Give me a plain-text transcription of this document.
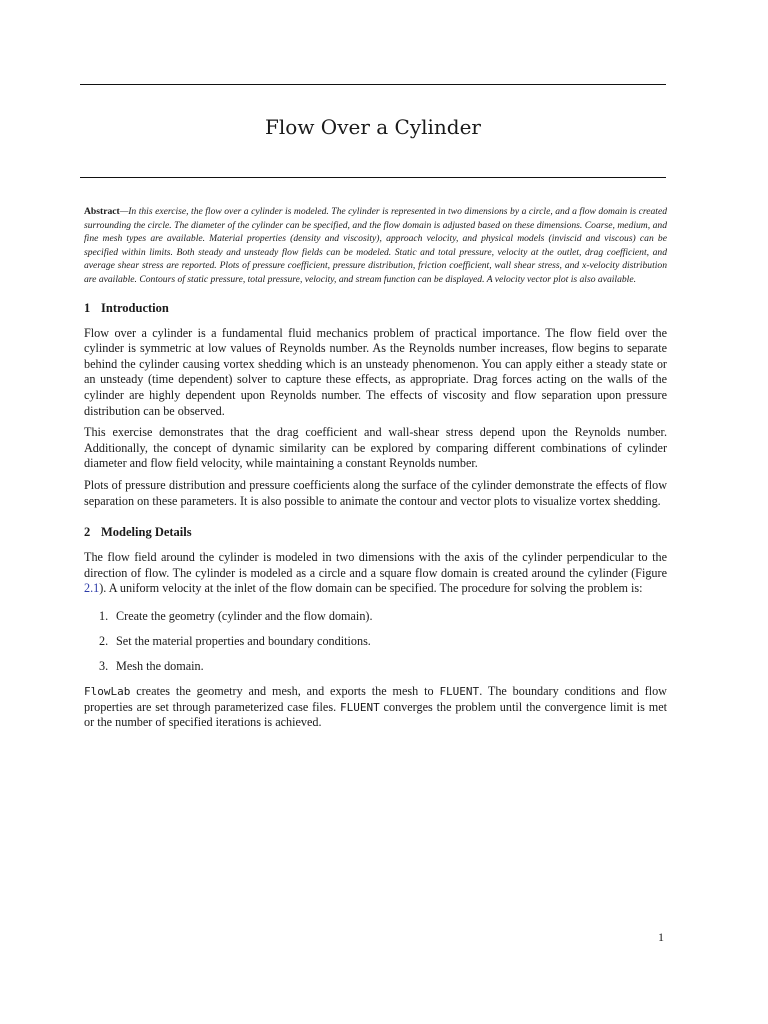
Flow Over a Cylinder

Abstract—In this exercise, the flow over a cylinder is modeled. The cylinder is represented in two dimensions by a circle, and a flow domain is created surrounding the circle. The diameter of the cylinder can be specified, and the flow domain is adjusted based on these dimensions. Coarse, medium, and fine mesh types are available. Material properties (density and viscosity), approach velocity, and physical models (inviscid and viscous) can be specified within limits. Both steady and unsteady flow fields can be modeled. Static and total pressure, velocity at the outlet, drag coefficient, and average shear stress are reported. Plots of pressure coefficient, pressure distribution, friction coefficient, wall shear stress, and x-velocity distribution are available. Contours of static pressure, total pressure, velocity, and stream function can be displayed. A velocity vector plot is also available.

1 Introduction

Flow over a cylinder is a fundamental fluid mechanics problem of practical importance. The flow field over the cylinder is symmetric at low values of Reynolds number. As the Reynolds number increases, flow begins to separate behind the cylinder causing vortex shedding which is an unsteady phenomenon. You can apply either a steady state or an unsteady (time dependent) solver to capture these effects, as appropriate. Drag forces acting on the walls of the cylinder are highly dependent upon Reynolds number. The effects of viscosity and flow separation upon pressure distribution can be observed.

This exercise demonstrates that the drag coefficient and wall-shear stress depend upon the Reynolds number. Additionally, the concept of dynamic similarity can be explored by comparing different combinations of cylinder diameter and flow field velocity, while maintaining a constant Reynolds number.

Plots of pressure distribution and pressure coefficients along the surface of the cylinder demonstrate the effects of flow separation on these parameters. It is also possible to animate the contour and vector plots to visualize vortex shedding.

2 Modeling Details

The flow field around the cylinder is modeled in two dimensions with the axis of the cylinder perpendicular to the direction of flow. The cylinder is modeled as a circle and a square flow domain is created around the cylinder (Figure 2.1). A uniform velocity at the inlet of the flow domain can be specified. The procedure for solving the problem is:

1. Create the geometry (cylinder and the flow domain).
2. Set the material properties and boundary conditions.
3. Mesh the domain.

FlowLab creates the geometry and mesh, and exports the mesh to FLUENT. The boundary conditions and flow properties are set through parameterized case files. FLUENT converges the problem until the convergence limit is met or the number of specified iterations is achieved.

1
